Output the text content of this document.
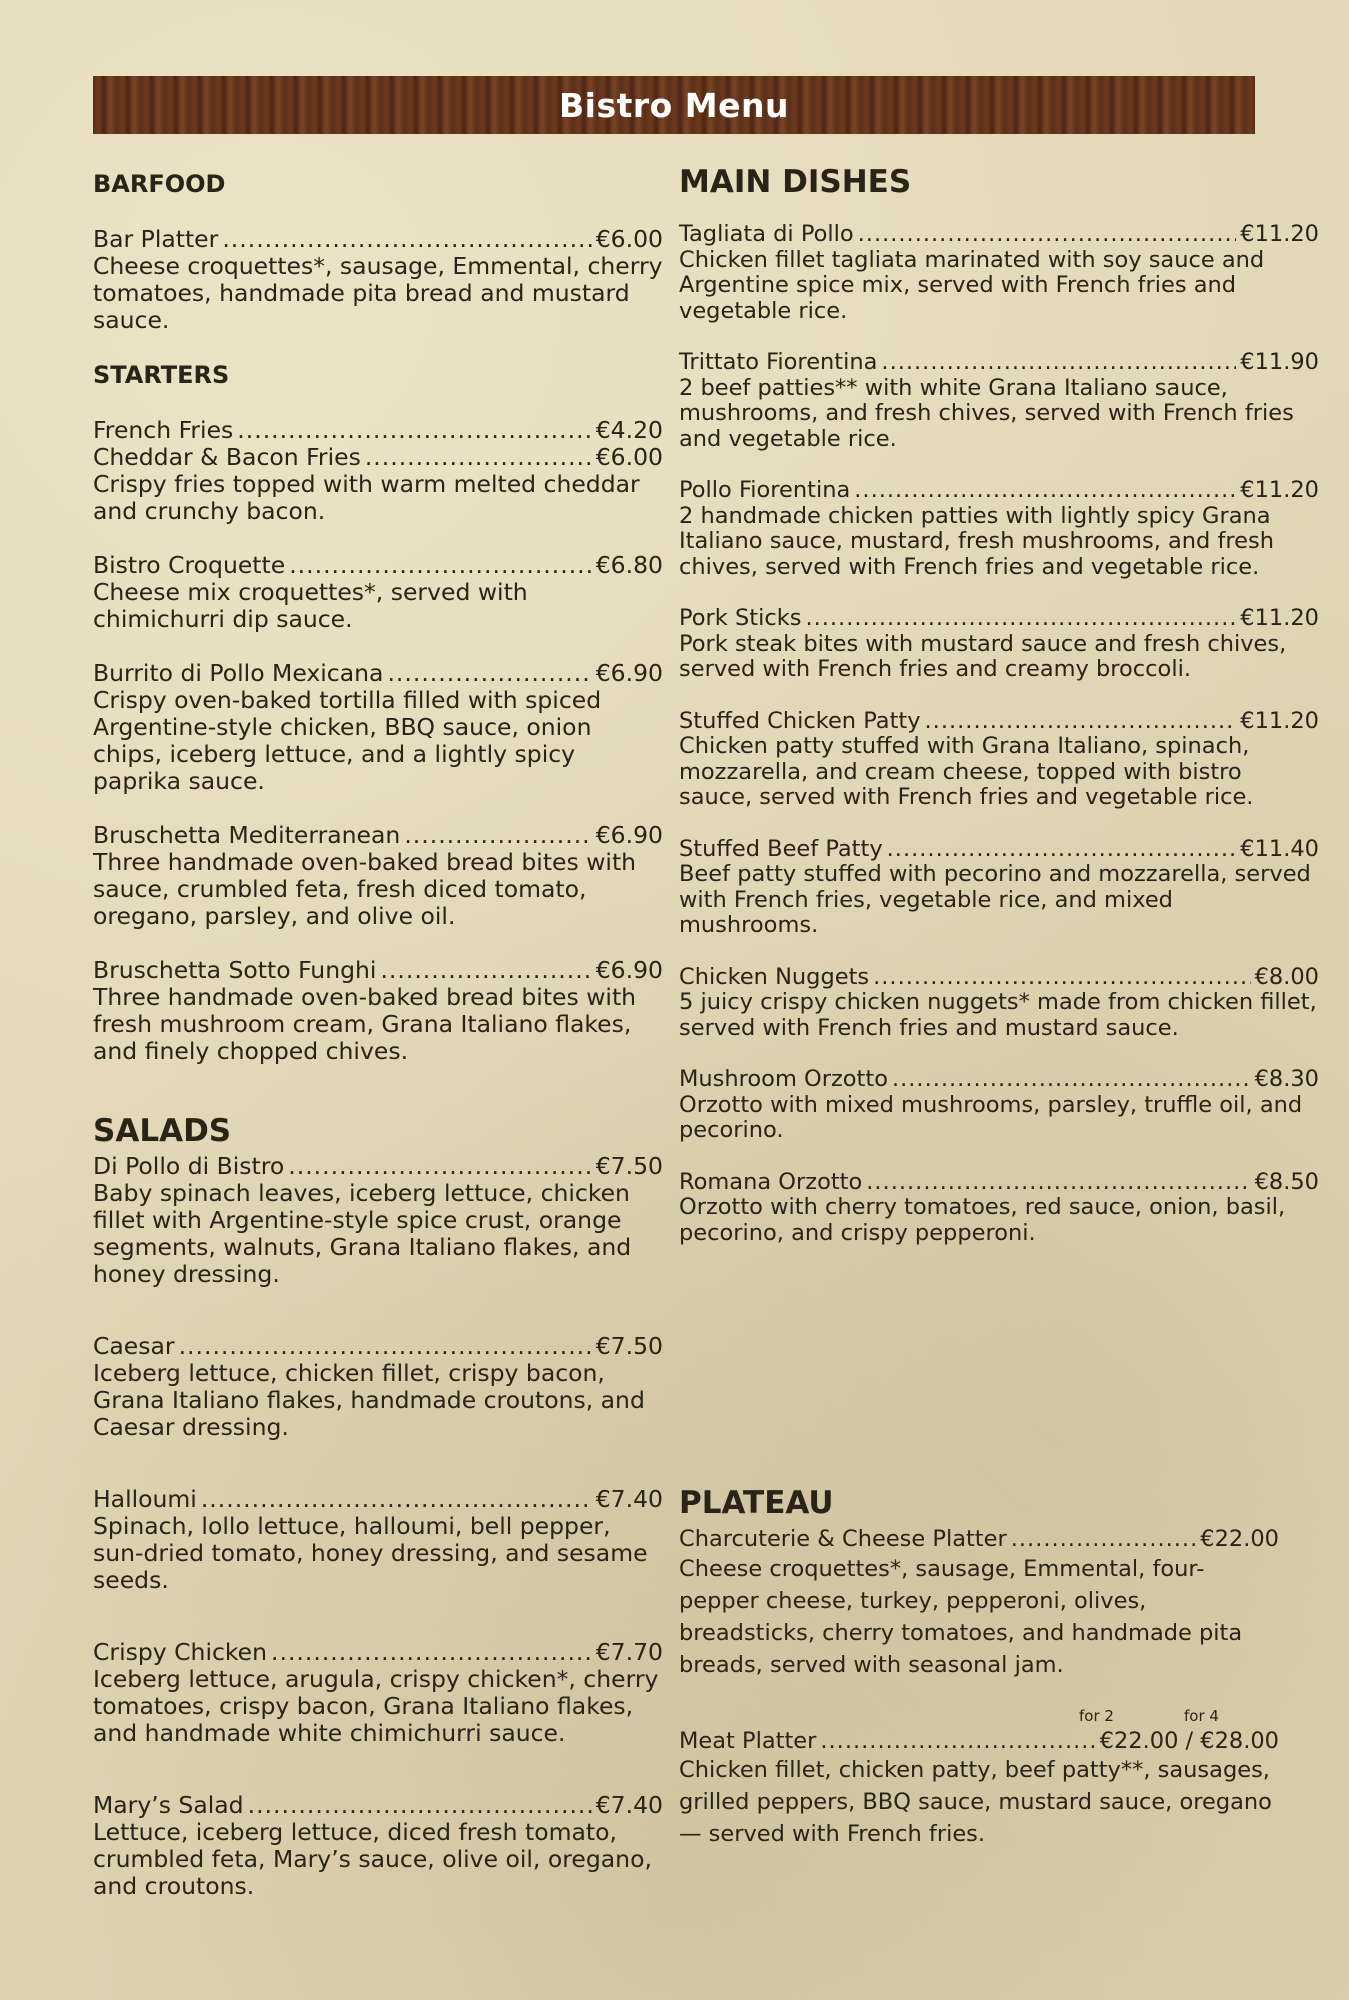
Bistro Menu
BARFOOD
Bar Platter .....	€6.00
Cheese croquettes*, sausage, Emmental, cherry tomatoes, handmade pita bread and mustard sauce.
STARTERS
French Fries .....	€4.20
Cheddar & Bacon Fries .....	€6.00
Crispy fries topped with warm melted cheddar and crunchy bacon.
Bistro Croquette .....	€6.80
Cheese mix croquettes*, served with chimichurri dip sauce.
Burrito di Pollo Mexicana .....	€6.90
Crispy oven-baked tortilla filled with spiced Argentine-style chicken, BBQ sauce, onion chips, iceberg lettuce, and a lightly spicy paprika sauce.
Bruschetta Mediterranean .....	€6.90
Three handmade oven-baked bread bites with sauce, crumbled feta, fresh diced tomato, oregano, parsley, and olive oil.
Bruschetta Sotto Funghi .....	€6.90
Three handmade oven-baked bread bites with fresh mushroom cream, Grana Italiano flakes, and finely chopped chives.
SALADS
Di Pollo di Bistro .....	€7.50
Baby spinach leaves, iceberg lettuce, chicken fillet with Argentine-style spice crust, orange segments, walnuts, Grana Italiano flakes, and honey dressing.
Caesar .....	€7.50
Iceberg lettuce, chicken fillet, crispy bacon, Grana Italiano flakes, handmade croutons, and Caesar dressing.
Halloumi .....	€7.40
Spinach, lollo lettuce, halloumi, bell pepper, sun-dried tomato, honey dressing, and sesame seeds.
Crispy Chicken .....	€7.70
Iceberg lettuce, arugula, crispy chicken*, cherry tomatoes, crispy bacon, Grana Italiano flakes, and handmade white chimichurri sauce.
Mary’s Salad .....	€7.40
Lettuce, iceberg lettuce, diced fresh tomato, crumbled feta, Mary’s sauce, olive oil, oregano, and croutons.
MAIN DISHES
Tagliata di Pollo .....	€11.20
Chicken fillet tagliata marinated with soy sauce and Argentine spice mix, served with French fries and vegetable rice.
Trittato Fiorentina .....	€11.90
2 beef patties** with white Grana Italiano sauce, mushrooms, and fresh chives, served with French fries and vegetable rice.
Pollo Fiorentina .....	€11.20
2 handmade chicken patties with lightly spicy Grana Italiano sauce, mustard, fresh mushrooms, and fresh chives, served with French fries and vegetable rice.
Pork Sticks .....	€11.20
Pork steak bites with mustard sauce and fresh chives, served with French fries and creamy broccoli.
Stuffed Chicken Patty .....	€11.20
Chicken patty stuffed with Grana Italiano, spinach, mozzarella, and cream cheese, topped with bistro sauce, served with French fries and vegetable rice.
Stuffed Beef Patty .....	€11.40
Beef patty stuffed with pecorino and mozzarella, served with French fries, vegetable rice, and mixed mushrooms.
Chicken Nuggets .....	€8.00
5 juicy crispy chicken nuggets* made from chicken fillet, served with French fries and mustard sauce.
Mushroom Orzotto .....	€8.30
Orzotto with mixed mushrooms, parsley, truffle oil, and pecorino.
Romana Orzotto .....	€8.50
Orzotto with cherry tomatoes, red sauce, onion, basil, pecorino, and crispy pepperoni.
PLATEAU
Charcuterie & Cheese Platter .....	€22.00
Cheese croquettes*, sausage, Emmental, four-pepper cheese, turkey, pepperoni, olives, breadsticks, cherry tomatoes, and handmade pita breads, served with seasonal jam.
for 2	for 4
Meat Platter .....	€22.00 / €28.00
Chicken fillet, chicken patty, beef patty**, sausages, grilled peppers, BBQ sauce, mustard sauce, oregano — served with French fries.
